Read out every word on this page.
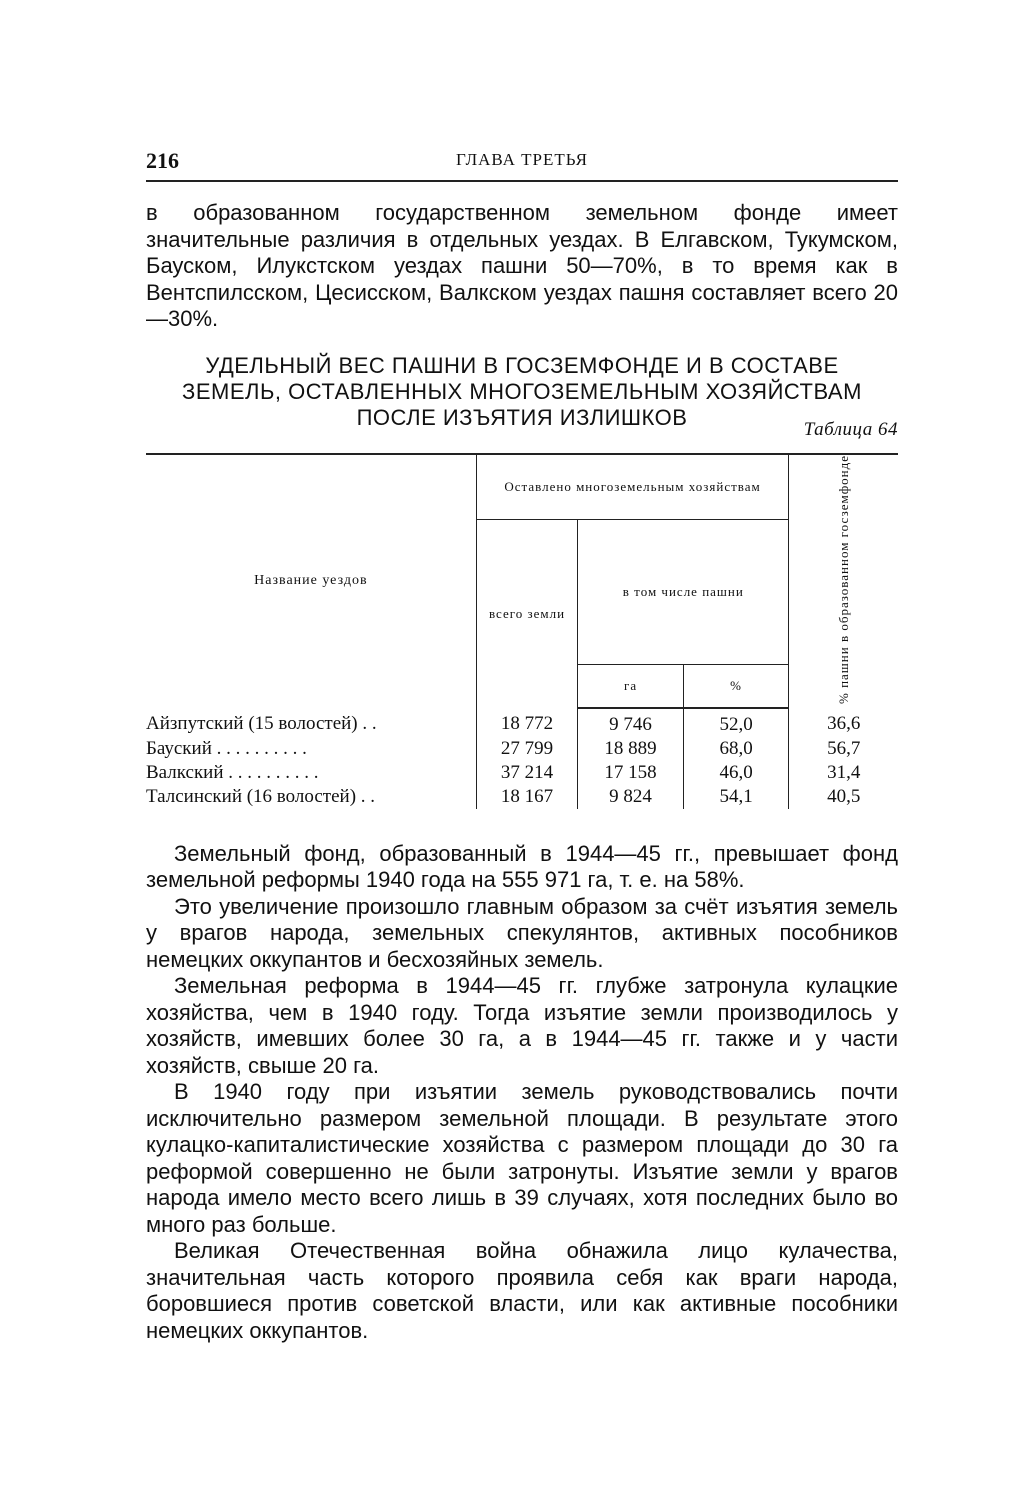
216	ГЛАВА ТРЕТЬЯ

в образованном государственном земельном фонде имеет значительные различия в отдельных уездах. В Елгавском, Тукумском, Бауском, Илукстском уездах пашни 50—70%, в то время как в Вентспилсском, Цесисском, Валкском уездах пашня составляет всего 20—30%.

УДЕЛЬНЫЙ ВЕС ПАШНИ В ГОСЗЕМФОНДЕ И В СОСТАВЕ
ЗЕМЕЛЬ, ОСТАВЛЕННЫХ МНОГОЗЕМЕЛЬНЫМ ХОЗЯЙСТВАМ
ПОСЛЕ ИЗЪЯТИЯ ИЗЛИШКОВ	Таблица 64
Название уездов	Оставлено многоземельным хозяйствам			% пашни в образованном госземфонде
	всего земли	в том числе пашни		
		га	%	
Айзпутский (15 волостей) . .	18 772	9 746	52,0	36,6
Бауский . . . . . . . . . .	27 799	18 889	68,0	56,7
Валкский . . . . . . . . . .	37 214	17 158	46,0	31,4
Талсинский (16 волостей) . .	18 167	9 824	54,1	40,5

Земельный фонд, образованный в 1944—45 гг., превышает фонд земельной реформы 1940 года на 555 971 га, т. е. на 58%.

Это увеличение произошло главным образом за счёт изъятия земель у врагов народа, земельных спекулянтов, активных пособников немецких оккупантов и бесхозяйных земель.

Земельная реформа в 1944—45 гг. глубже затронула кулацкие хозяйства, чем в 1940 году. Тогда изъятие земли производилось у хозяйств, имевших более 30 га, а в 1944—45 гг. также и у части хозяйств, свыше 20 га.

В 1940 году при изъятии земель руководствовались почти исключительно размером земельной площади. В результате этого кулацко-капиталистические хозяйства с размером площади до 30 га реформой совершенно не были затронуты. Изъятие земли у врагов народа имело место всего лишь в 39 случаях, хотя последних было во много раз больше.

Великая Отечественная война обнажила лицо кулачества, значительная часть которого проявила себя как враги народа, боровшиеся против советской власти, или как активные пособники немецких оккупантов.
